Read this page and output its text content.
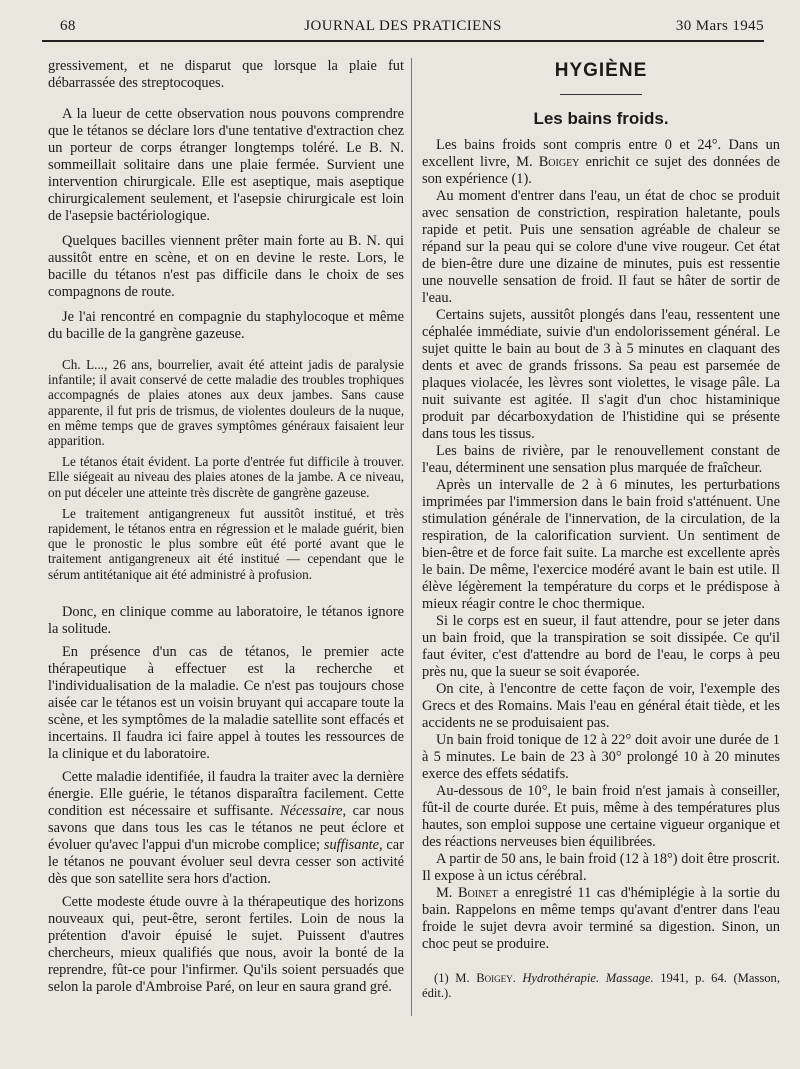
68	JOURNAL DES PRATICIENS	30 Mars 1945

gressivement, et ne disparut que lorsque la plaie fut débarrassée des streptocoques.

A la lueur de cette observation nous pouvons comprendre que le tétanos se déclare lors d'une tentative d'extraction chez un porteur de corps étranger longtemps toléré. Le B. N. sommeillait solitaire dans une plaie fermée. Survient une intervention chirurgicale. Elle est aseptique, mais aseptique chirurgicalement seulement, et l'asepsie chirurgicale est loin de l'asepsie bactériologique.

Quelques bacilles viennent prêter main forte au B. N. qui aussitôt entre en scène, et on en devine le reste. Lors, le bacille du tétanos n'est pas difficile dans le choix de ses compagnons de route.

Je l'ai rencontré en compagnie du staphylocoque et même du bacille de la gangrène gazeuse.

Ch. L..., 26 ans, bourrelier, avait été atteint jadis de paralysie infantile; il avait conservé de cette maladie des troubles trophiques accompagnés de plaies atones aux deux jambes. Sans cause apparente, il fut pris de trismus, de violentes douleurs de la nuque, en même temps que de graves symptômes généraux faisaient leur apparition.

Le tétanos était évident. La porte d'entrée fut difficile à trouver. Elle siégeait au niveau des plaies atones de la jambe. A ce niveau, on put déceler une atteinte très discrète de gangrène gazeuse.

Le traitement antigangreneux fut aussitôt institué, et très rapidement, le tétanos entra en régression et le malade guérit, bien que le pronostic le plus sombre eût été porté avant que le traitement antigangreneux ait été institué — cependant que le sérum antitétanique ait été administré à profusion.

Donc, en clinique comme au laboratoire, le tétanos ignore la solitude.

En présence d'un cas de tétanos, le premier acte thérapeutique à effectuer est la recherche et l'individualisation de la maladie. Ce n'est pas toujours chose aisée car le tétanos est un voisin bruyant qui accapare toute la scène, et les symptômes de la maladie satellite sont effacés et incertains. Il faudra ici faire appel à toutes les ressources de la clinique et du laboratoire.

Cette maladie identifiée, il faudra la traiter avec la dernière énergie. Elle guérie, le tétanos disparaîtra facilement. Cette condition est nécessaire et suffisante. Nécessaire, car nous savons que dans tous les cas le tétanos ne peut éclore et évoluer qu'avec l'appui d'un microbe complice; suffisante, car le tétanos ne pouvant évoluer seul devra cesser son activité dès que son satellite sera hors d'action.

Cette modeste étude ouvre à la thérapeutique des horizons nouveaux qui, peut-être, seront fertiles. Loin de nous la prétention d'avoir épuisé le sujet. Puissent d'autres chercheurs, mieux qualifiés que nous, avoir la bonté de la reprendre, fût-ce pour l'infirmer. Qu'ils soient persuadés que selon la parole d'Ambroise Paré, on leur en saura grand gré.

HYGIÈNE
Les bains froids.

Les bains froids sont compris entre 0 et 24°. Dans un excellent livre, M. Boigey enrichit ce sujet des données de son expérience (1).

Au moment d'entrer dans l'eau, un état de choc se produit avec sensation de constriction, respiration haletante, pouls rapide et petit. Puis une sensation agréable de chaleur se répand sur la peau qui se colore d'une vive rougeur. Cet état de bien-être dure une dizaine de minutes, puis est ressentie une nouvelle sensation de froid. Il faut se hâter de sortir de l'eau.

Certains sujets, aussitôt plongés dans l'eau, ressentent une céphalée immédiate, suivie d'un endolorissement général. Le sujet quitte le bain au bout de 3 à 5 minutes en claquant des dents et avec de grands frissons. Sa peau est parsemée de plaques violacée, les lèvres sont violettes, le visage pâle. La nuit suivante est agitée. Il s'agit d'un choc histaminique produit par décarboxydation de l'histidine qui se présente dans tous les tissus.

Les bains de rivière, par le renouvellement constant de l'eau, déterminent une sensation plus marquée de fraîcheur.

Après un intervalle de 2 à 6 minutes, les perturbations imprimées par l'immersion dans le bain froid s'atténuent. Une stimulation générale de l'innervation, de la circulation, de la respiration, de la calorification survient. Un sentiment de bien-être et de force fait suite. La marche est excellente après le bain. De même, l'exercice modéré avant le bain est utile. Il élève légèrement la température du corps et le prédispose à mieux réagir contre le choc thermique.

Si le corps est en sueur, il faut attendre, pour se jeter dans un bain froid, que la transpiration se soit dissipée. Ce qu'il faut éviter, c'est d'attendre au bord de l'eau, le corps à peu près nu, que la sueur se soit évaporée.

On cite, à l'encontre de cette façon de voir, l'exemple des Grecs et des Romains. Mais l'eau en général était tiède, et les accidents ne se produisaient pas.

Un bain froid tonique de 12 à 22° doit avoir une durée de 1 à 5 minutes. Le bain de 23 à 30° prolongé 10 à 20 minutes exerce des effets sédatifs.

Au-dessous de 10°, le bain froid n'est jamais à conseiller, fût-il de courte durée. Et puis, même à des températures plus hautes, son emploi suppose une certaine vigueur organique et des réactions nerveuses bien équilibrées.

A partir de 50 ans, le bain froid (12 à 18°) doit être proscrit. Il expose à un ictus cérébral.

M. Boinet a enregistré 11 cas d'hémiplégie à la sortie du bain. Rappelons en même temps qu'avant d'entrer dans l'eau froide le sujet devra avoir terminé sa digestion. Sinon, un choc peut se produire.

(1) M. Boigey. Hydrothérapie. Massage. 1941, p. 64. (Masson, édit.).
